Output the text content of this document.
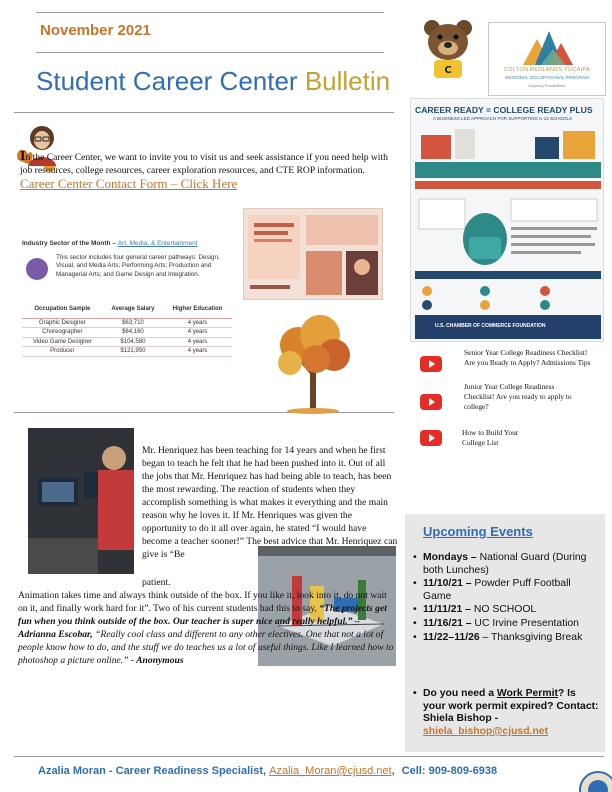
November 2021
Student Career Center Bulletin	C	COLTON REDLANDS YUCAIPA
REGIONAL OCCUPATIONAL PROGRAM
Inspiring Possibilities
In the Career Center, we want to invite you to visit us and seek assistance if you need help with job resources, college resources, career exploration resources, and CTE ROP information. Career Center Contact Form – Click Here
Industry Sector of the Month – Art, Media, & Entertainment
This sector includes four general career pathways: Design, Visual, and Media Arts; Performing Arts; Production and Managerial Arts; and Game Design and Integration.
Occupation Sample	Average Salary	Higher Education
Graphic Designer	$63,710	4 years
Choreographer	$64,160	4 years
Video Game Designer	$104,580	4 years
Producer	$121,950	4 years
CAREER READY = COLLEGE READY PLUS
A BUSINESS-LED APPROACH FOR SUPPORTING K-12 SCHOOLS
U.S. CHAMBER OF COMMERCE FOUNDATION
Senior Year College Readiness Checklist! Are you Ready to Apply? Admissions Tips
Junior Year College Readiness Checklist! Are you ready to apply to college?
How to Build Your College List
Mr. Henriquez has been teaching for 14 years and when he first began to teach he felt that he had been pushed into it. Out of all the jobs that Mr. Henriquez has had being able to teach, has been the most rewarding. The reaction of students when they accomplish something is what makes it everything and the main reason why he loves it. If Mr. Henriques was given the opportunity to do it all over again, he stated “I would have become a teacher sooner!” The best advice that Mr. Henriquez can give is “Be
patient.
Animation takes time and always think outside of the box. If you like it, look into it, do not wait on it, and finally work hard for it”. Two of his current students had this to say, “The projects get fun when you think outside of the box. Our teacher is super nice and really helpful.” – Adrianna Escobar, “Really cool class and different to any other electives. One that not a lot of people know how to do, and the stuff we do teaches us a lot of useful things. Like I learned how to photoshop a picture online.” - Anonymous
Upcoming Events
• Mondays – National Guard (During both Lunches)
• 11/10/21 – Powder Puff Football Game
• 11/11/21 – NO SCHOOL
• 11/16/21 – UC Irvine Presentation
• 11/22–11/26 – Thanksgiving Break
• Do you need a Work Permit? Is your work permit expired? Contact: Shiela Bishop -
shiela_bishop@cjusd.net
Azalia Moran - Career Readiness Specialist, Azalia_Moran@cjusd.net, Cell: 909-809-6938
